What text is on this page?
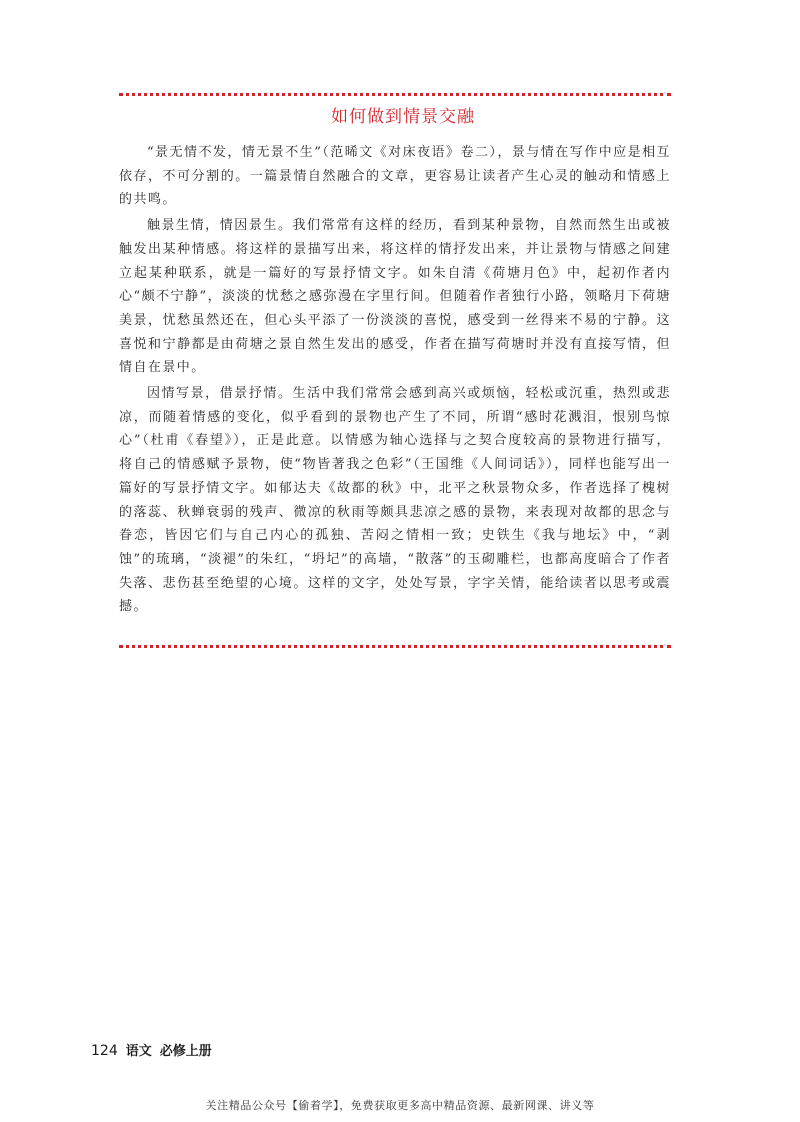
如何做到情景交融

“景无情不发，情无景不生”（范晞文《对床夜语》卷二），景与情在写作中应是相互依存，不可分割的。一篇景情自然融合的文章，更容易让读者产生心灵的触动和情感上的共鸣。

触景生情，情因景生。我们常常有这样的经历，看到某种景物，自然而然生出或被触发出某种情感。将这样的景描写出来，将这样的情抒发出来，并让景物与情感之间建立起某种联系，就是一篇好的写景抒情文字。如朱自清《荷塘月色》中，起初作者内心“颇不宁静”，淡淡的忧愁之感弥漫在字里行间。但随着作者独行小路，领略月下荷塘美景，忧愁虽然还在，但心头平添了一份淡淡的喜悦，感受到一丝得来不易的宁静。这喜悦和宁静都是由荷塘之景自然生发出的感受，作者在描写荷塘时并没有直接写情，但情自在景中。

因情写景，借景抒情。生活中我们常常会感到高兴或烦恼，轻松或沉重，热烈或悲凉，而随着情感的变化，似乎看到的景物也产生了不同，所谓“感时花溅泪，恨别鸟惊心”（杜甫《春望》），正是此意。以情感为轴心选择与之契合度较高的景物进行描写，将自己的情感赋予景物，使“物皆著我之色彩”（王国维《人间词话》），同样也能写出一篇好的写景抒情文字。如郁达夫《故都的秋》中，北平之秋景物众多，作者选择了槐树的落蕊、秋蝉衰弱的残声、微凉的秋雨等颇具悲凉之感的景物，来表现对故都的思念与眷恋，皆因它们与自己内心的孤独、苦闷之情相一致；史铁生《我与地坛》中，“剥蚀”的琉璃，“淡褪”的朱红，“坍圮”的高墙，“散落”的玉砌雕栏，也都高度暗合了作者失落、悲伤甚至绝望的心境。这样的文字，处处写景，字字关情，能给读者以思考或震撼。

124 语文 必修上册
关注精品公众号【偷着学】，免费获取更多高中精品资源、最新网课、讲义等
